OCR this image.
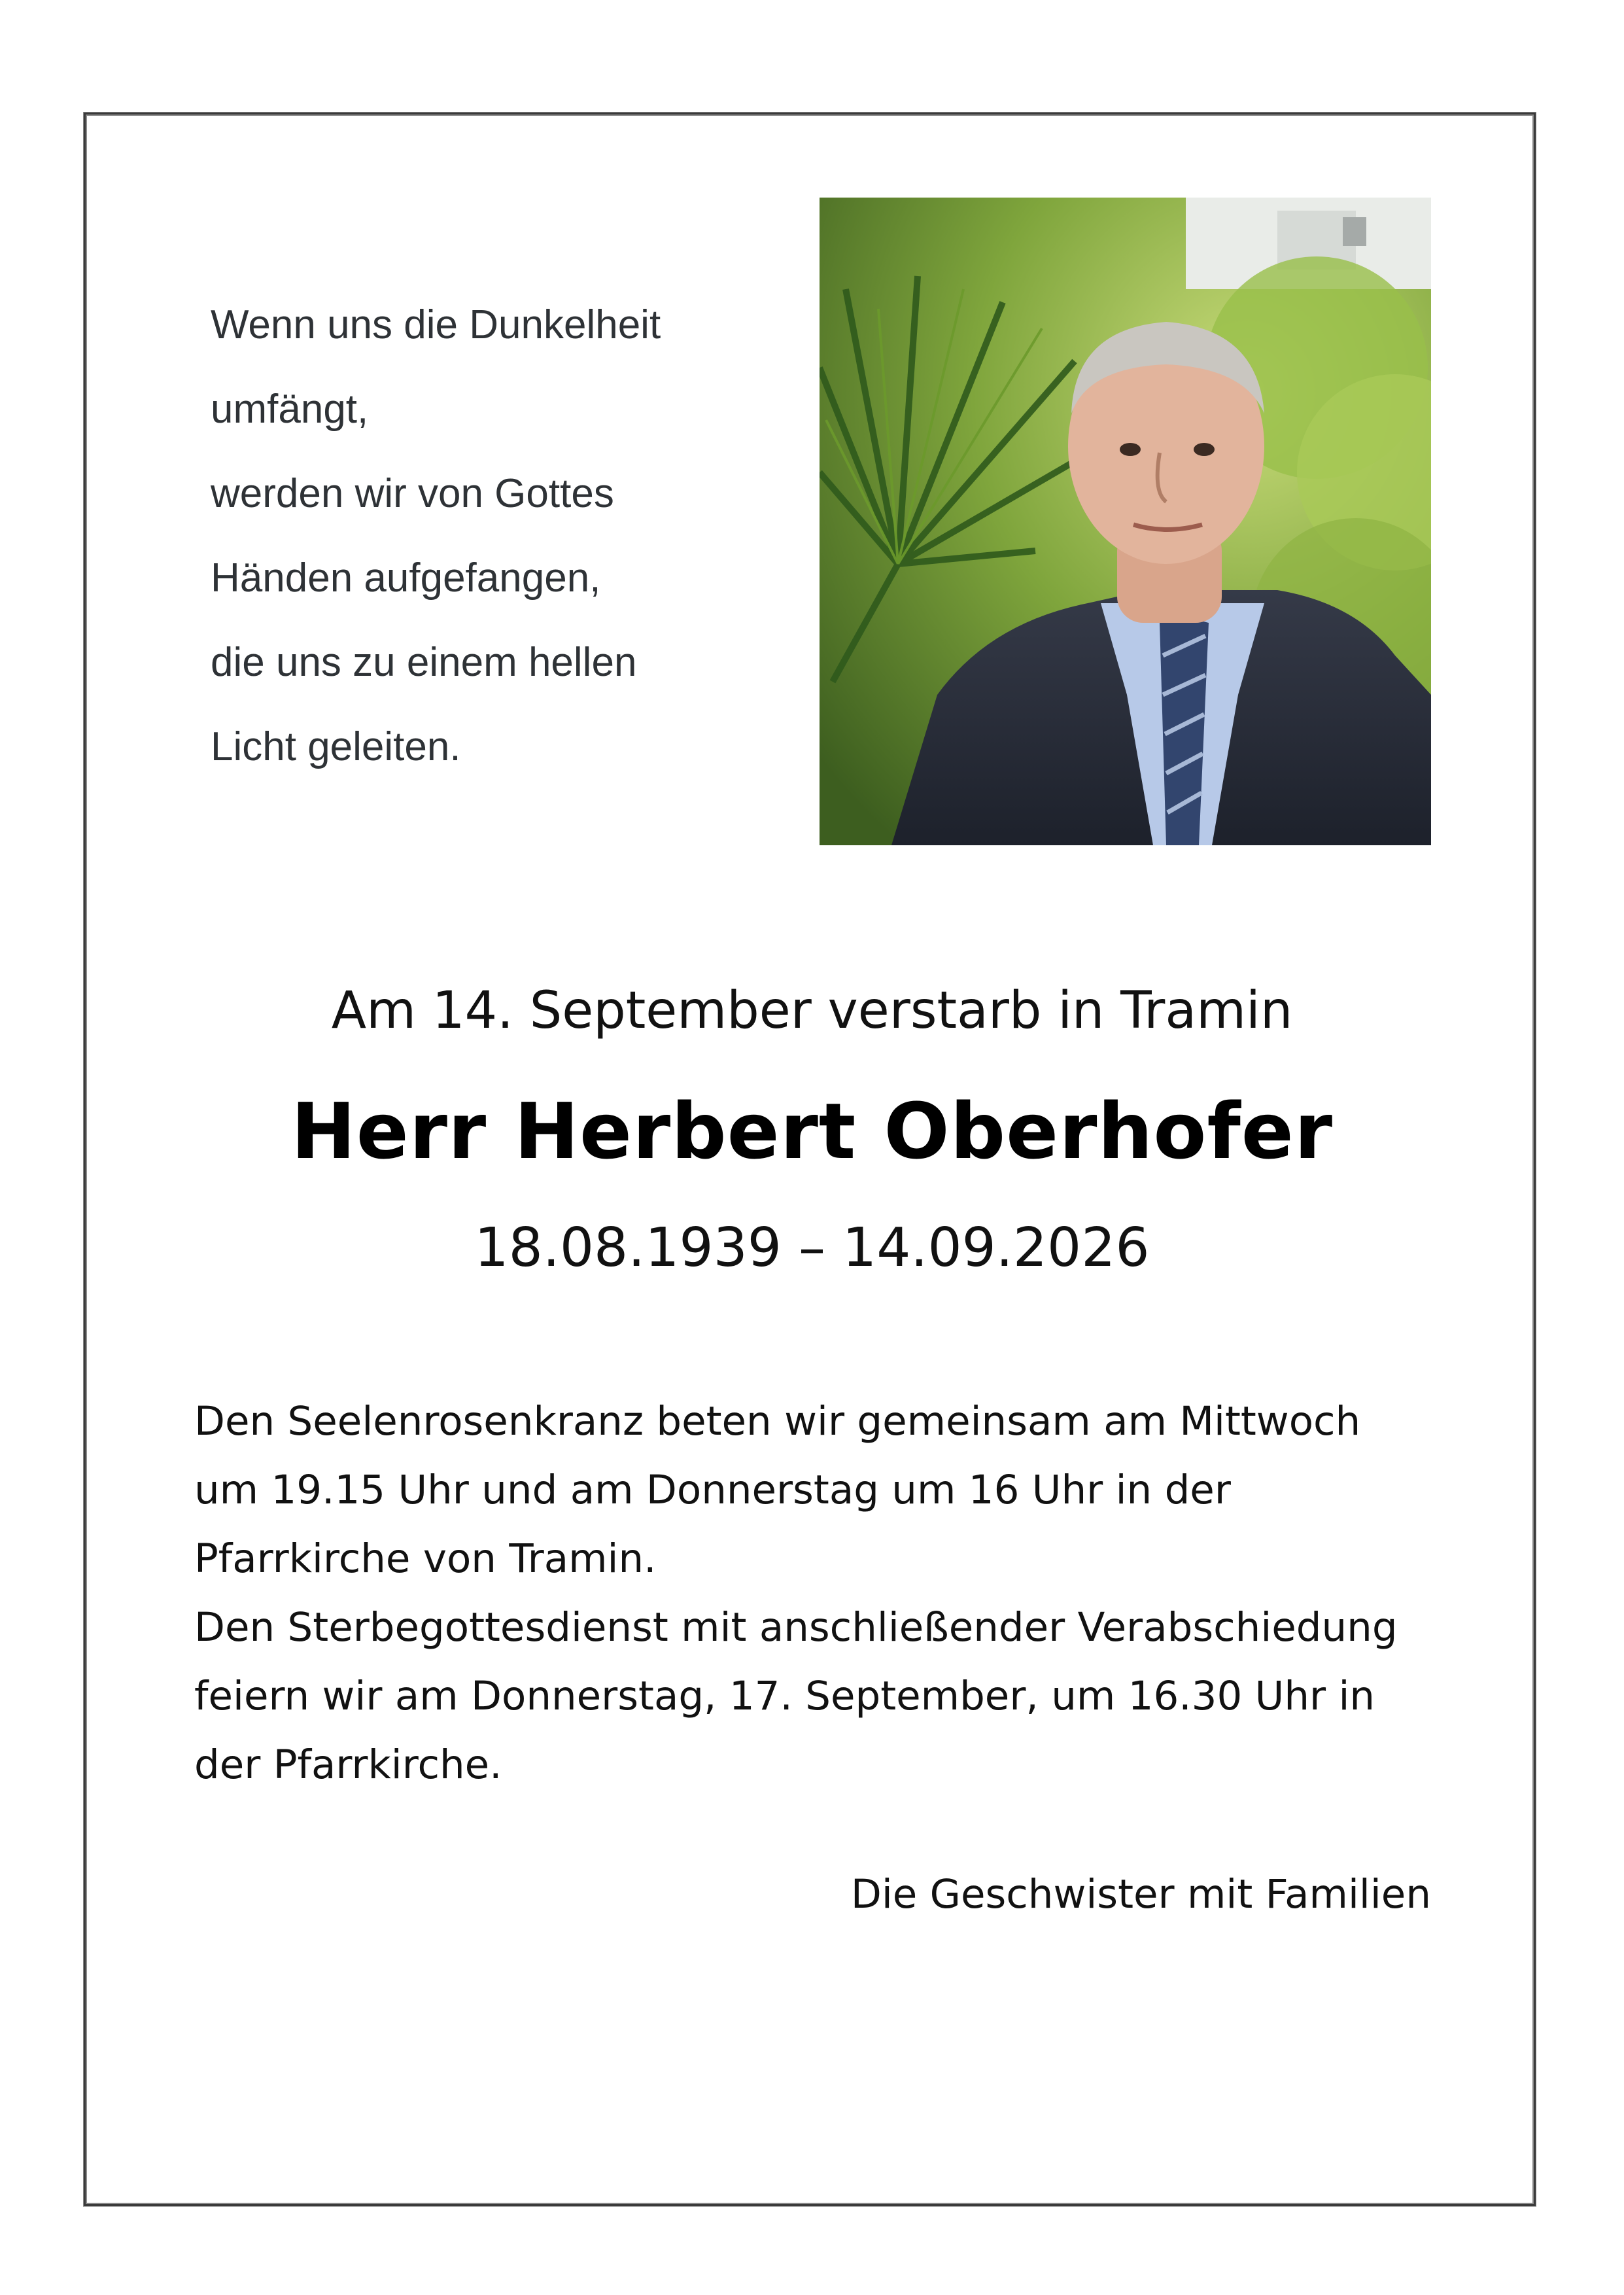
Wenn uns die Dunkelheit
umfängt,
werden wir von Gottes
Händen aufgefangen,
die uns zu einem hellen
Licht geleiten.
Am 14. September verstarb in Tramin
Herr Herbert Oberhofer
18.08.1939 – 14.09.2026
Den Seelenrosenkranz beten wir gemeinsam am Mittwoch
um 19.15 Uhr und am Donnerstag um 16 Uhr in der
Pfarrkirche von Tramin.
Den Sterbegottesdienst mit anschließender Verabschiedung
feiern wir am Donnerstag, 17. September, um 16.30 Uhr in
der Pfarrkirche.
Die Geschwister mit Familien
